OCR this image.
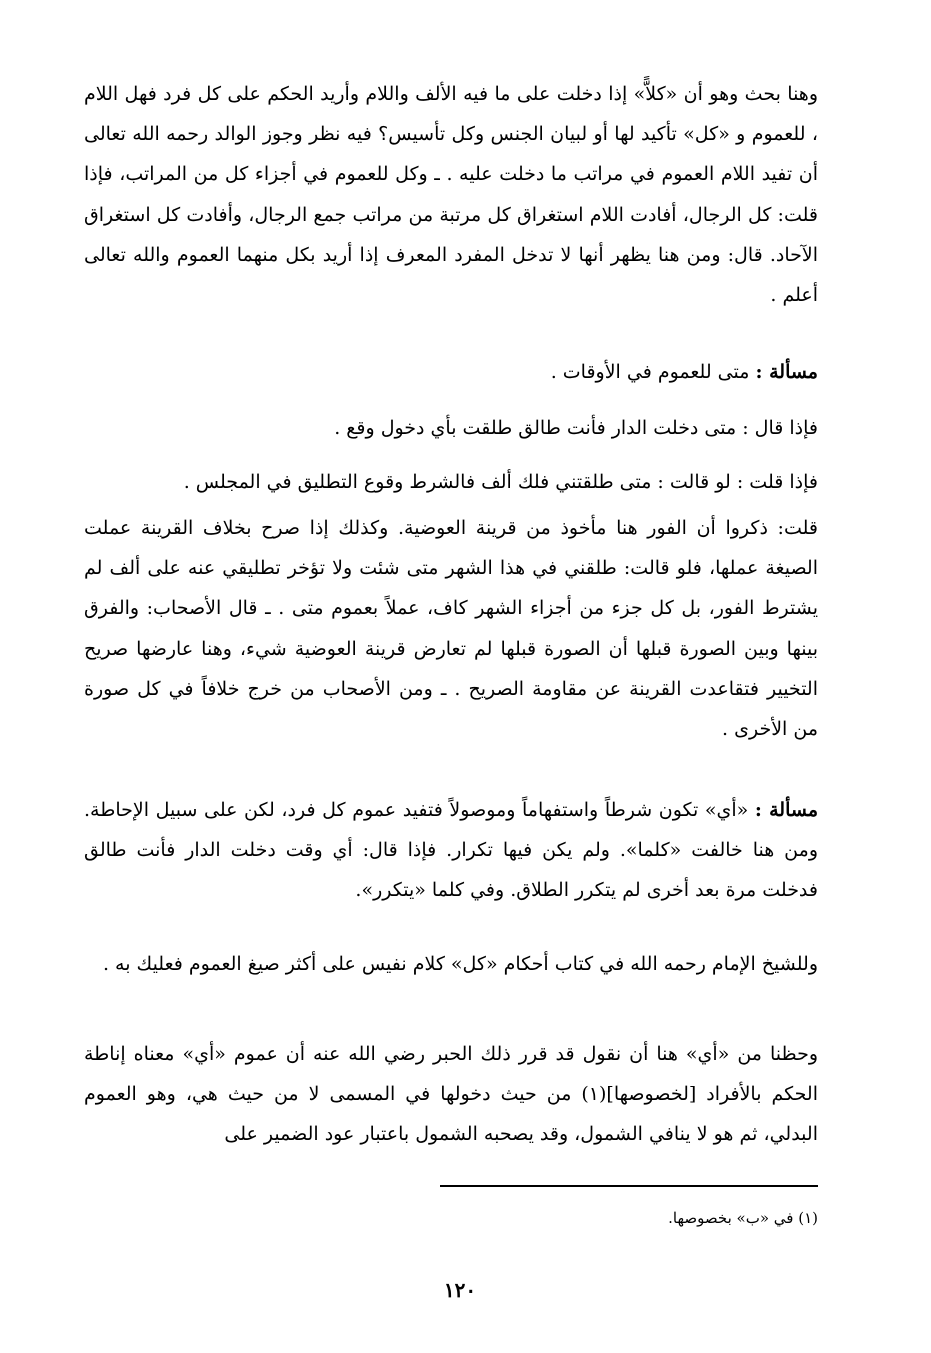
وهنا بحث وهو أن «كلاًّ» إذا دخلت على ما فيه الألف واللام وأريد الحكم على كل فرد فهل اللام ، للعموم و «كل» تأكيد لها أو لبيان الجنس وكل تأسيس؟ فيه نظر وجوز الوالد رحمه الله تعالى أن تفيد اللام العموم في مراتب ما دخلت عليه . ـ وكل للعموم في أجزاء كل من المراتب، فإذا قلت: كل الرجال، أفادت اللام استغراق كل مرتبة من مراتب جمع الرجال، وأفادت كل استغراق الآحاد. قال: ومن هنا يظهر أنها لا تدخل المفرد المعرف إذا أريد بكل منهما العموم والله تعالى أعلم .
مسألة : متى للعموم في الأوقات .
فإذا قال : متى دخلت الدار فأنت طالق طلقت بأي دخول وقع .
فإذا قلت : لو قالت : متى طلقتني فلك ألف فالشرط وقوع التطليق في المجلس .
قلت: ذكروا أن الفور هنا مأخوذ من قرينة العوضية. وكذلك إذا صرح بخلاف القرينة عملت الصيغة عملها، فلو قالت: طلقني في هذا الشهر متى شئت ولا تؤخر تطليقي عنه على ألف لم يشترط الفور، بل كل جزء من أجزاء الشهر كاف، عملاً بعموم متى . ـ قال الأصحاب: والفرق بينها وبين الصورة قبلها أن الصورة قبلها لم تعارض قرينة العوضية شيء، وهنا عارضها صريح التخيير فتقاعدت القرينة عن مقاومة الصريح . ـ ومن الأصحاب من خرج خلافاً في كل صورة من الأخرى .
مسألة : «أي» تكون شرطاً واستفهاماً وموصولاً فتفيد عموم كل فرد، لكن على سبيل الإحاطة. ومن هنا خالفت «كلما». ولم يكن فيها تكرار. فإذا قال: أي وقت دخلت الدار فأنت طالق فدخلت مرة بعد أخرى لم يتكرر الطلاق. وفي كلما «يتكرر».
وللشيخ الإمام رحمه الله في كتاب أحكام «كل» كلام نفيس على أكثر صيغ العموم فعليك به .
وحظنا من «أي» هنا أن نقول قد قرر ذلك الحبر رضي الله عنه أن عموم «أي» معناه إناطة الحكم بالأفراد [لخصوصها](١) من حيث دخولها في المسمى لا من حيث هي، وهو العموم البدلي، ثم هو لا ينافي الشمول، وقد يصحبه الشمول باعتبار عود الضمير على
(١) في «ب» بخصوصها.
١٢٠
